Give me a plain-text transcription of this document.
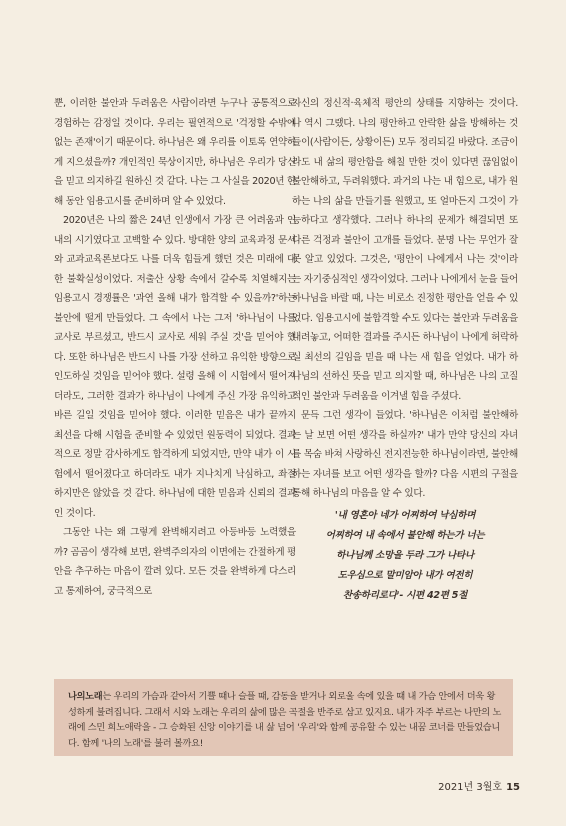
뿐, 이러한 불안과 두려움은 사람이라면 누구나 공통적으로 경험하는 감정일 것이다. 우리는 필연적으로 '걱정할 수밖에 없는 존재'이기 때문이다. 하나님은 왜 우리를 이토록 연약하게 지으셨을까? 개인적인 묵상이지만, 하나님은 우리가 당신을 믿고 의지하길 원하신 것 같다. 나는 그 사실을 2020년 한 해 동안 임용고시를 준비하며 알 수 있었다.

2020년은 나의 짧은 24년 인생에서 가장 큰 어려움과 인내의 시기였다고 고백할 수 있다. 방대한 양의 교육과정 문서와 교과교육론보다도 나를 더욱 힘들게 했던 것은 미래에 대한 불확실성이었다. 저출산 상황 속에서 갈수록 치열해지는 임용고시 경쟁률은 '과연 올해 내가 합격할 수 있을까?'하는 불안에 떨게 만들었다. 그 속에서 나는 그저 '하나님이 나를 교사로 부르셨고, 반드시 교사로 세워 주실 것'을 믿어야 했다. 또한 하나님은 반드시 나를 가장 선하고 유익한 방향으로 인도하실 것임을 믿어야 했다. 설령 올해 이 시험에서 떨어지더라도, 그러한 결과가 하나님이 나에게 주신 가장 유익하고 바른 길일 것임을 믿어야 했다. 이러한 믿음은 내가 끝까지 최선을 다해 시험을 준비할 수 있었던 원동력이 되었다. 결과적으로 정말 감사하게도 합격하게 되었지만, 만약 내가 이 시험에서 떨어졌다고 하더라도 내가 지나치게 낙심하고, 좌절하지만은 않았을 것 같다. 하나님에 대한 믿음과 신뢰의 결과인 것이다.

그동안 나는 왜 그렇게 완벽해지려고 아등바등 노력했을까? 곰곰이 생각해 보면, 완벽주의자의 이면에는 간절하게 평안을 추구하는 마음이 깔려 있다. 모든 것을 완벽하게 다스리고 통제하여, 궁극적으로

자신의 정신적·육체적 평안의 상태를 지향하는 것이다. 나 역시 그랬다. 나의 평안하고 안락한 삶을 방해하는 것들이(사람이든, 상황이든) 모두 정리되길 바랐다. 조금이라도 내 삶의 평안함을 해칠 만한 것이 있다면 끊임없이 불안해하고, 두려워했다. 과거의 나는 내 힘으로, 내가 원하는 나의 삶을 만들기를 원했고, 또 얼마든지 그것이 가능하다고 생각했다. 그러나 하나의 문제가 해결되면 또 다른 걱정과 불안이 고개를 들었다. 분명 나는 무언가 잘못 알고 있었다. 그것은, '평안이 나에게서 나는 것'이라는 자기중심적인 생각이었다. 그러나 나에게서 눈을 들어 하나님을 바랄 때, 나는 비로소 진정한 평안을 얻을 수 있었다. 임용고시에 불합격할 수도 있다는 불안과 두려움을 내려놓고, 어떠한 결과를 주시든 하나님이 나에게 허락하실 최선의 길임을 믿을 때 나는 새 힘을 얻었다. 내가 하나님의 선하신 뜻을 믿고 의지할 때, 하나님은 나의 고질적인 불안과 두려움을 이겨낼 힘을 주셨다.

문득 그런 생각이 들었다. '하나님은 이처럼 불안해하는 날 보면 어떤 생각을 하실까?' 내가 만약 당신의 자녀를 목숨 바쳐 사랑하신 전지전능한 하나님이라면, 불안해하는 자녀를 보고 어떤 생각을 할까? 다음 시편의 구절을 통해 하나님의 마음을 알 수 있다.

'내 영혼아 네가 어찌하여 낙심하며
어찌하여 내 속에서 불안해 하는가 너는
하나님께 소망을 두라 그가 나타나
도우심으로 말미암아 내가 여전히
찬송하리로다'- 시편 42편 5절
나의노래는 우리의 가슴과 같아서 기쁠 때나 슬플 때, 감동을 받거나 외로울 속에 있을 때 내 가슴 안에서 더욱 왕성하게 불려집니다. 그래서 시와 노래는 우리의 삶에 많은 곡절을 반주로 삼고 있지요. 내가 자주 부르는 나만의 노래에 스민 희노애락을 - 그 승화된 신앙 이야기를 내 삶 넘어 '우리'와 함께 공유할 수 있는 내꿈 코너를 만들었습니다. 함께 '나의 노래'를 불러 볼까요!
2021년 3월호 15
